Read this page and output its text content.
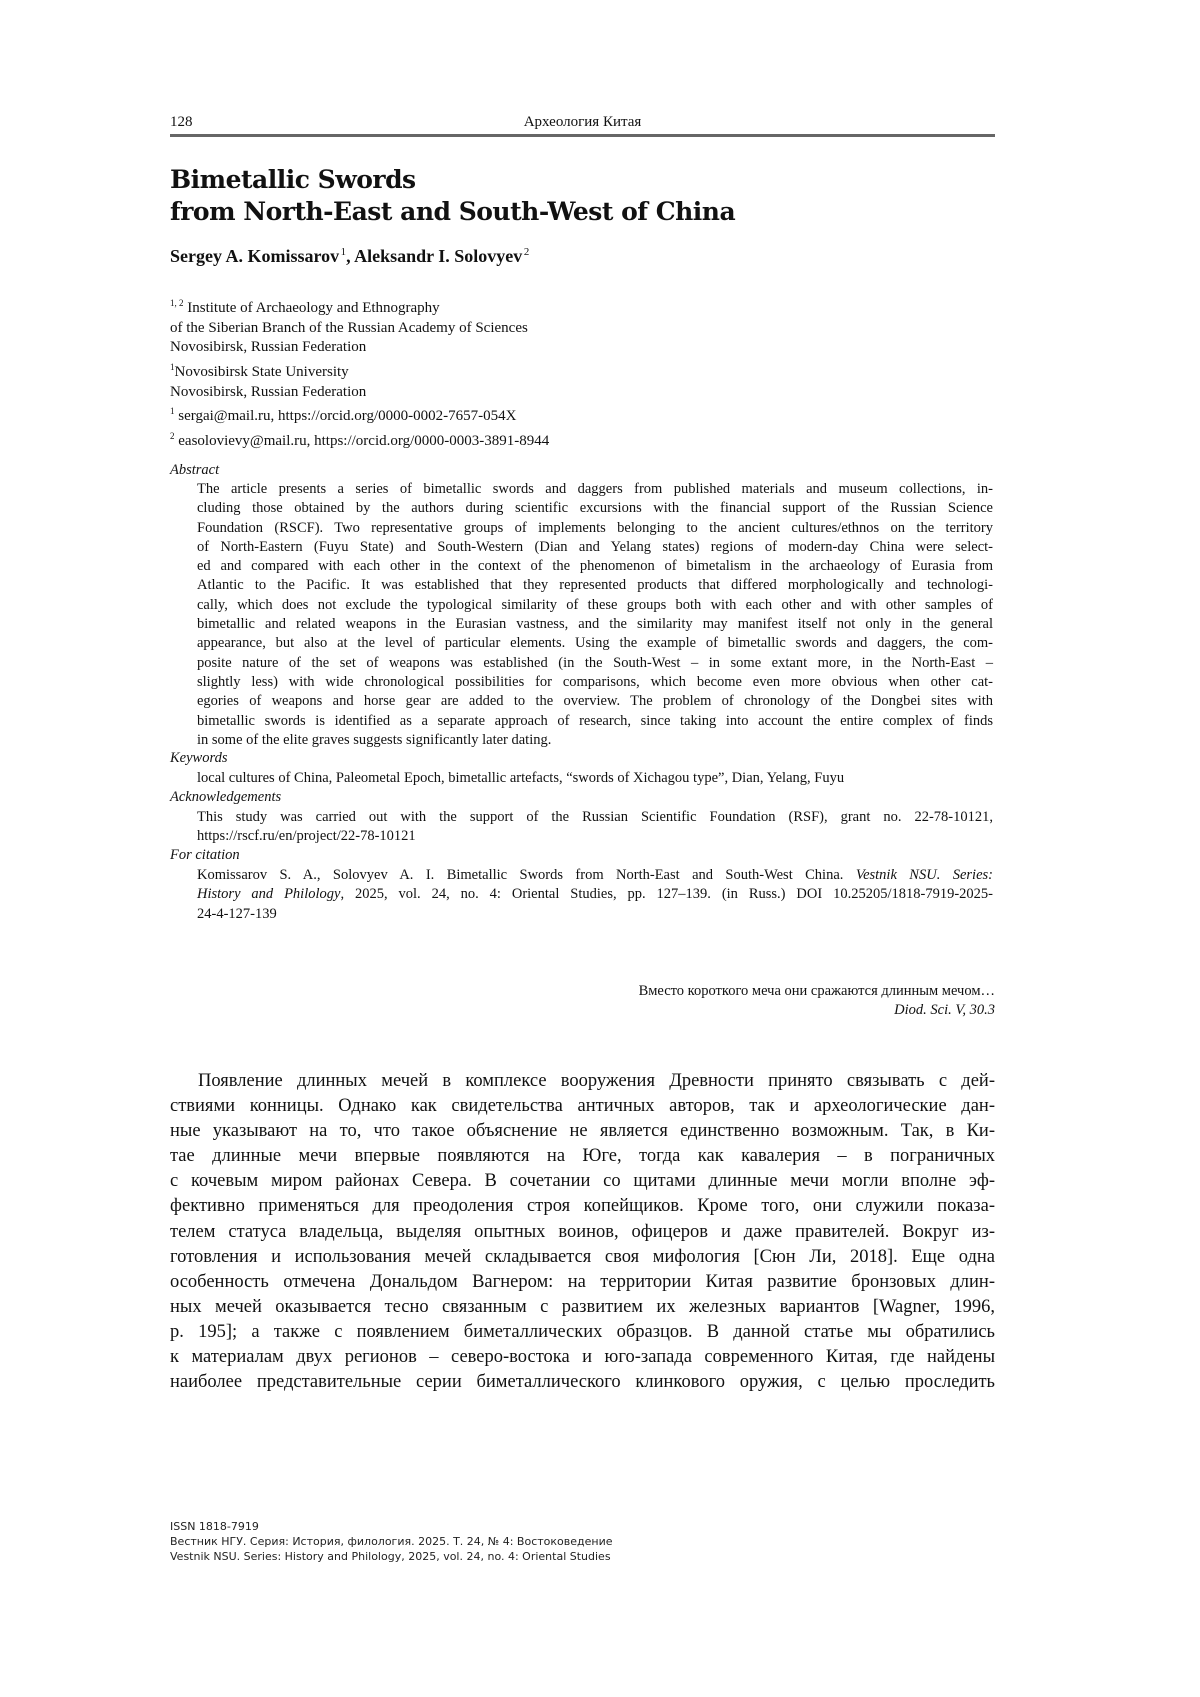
128	Археология Китая
Bimetallic Swords
from North-East and South-West of China
Sergey A. Komissarov  1, Aleksandr I. Solovyev  2
1, 2 Institute of Archaeology and Ethnography
of the Siberian Branch of the Russian Academy of Sciences
Novosibirsk, Russian Federation
1Novosibirsk State University
Novosibirsk, Russian Federation
1 sergai@mail.ru, https://orcid.org/0000-0002-7657-054X
2 easolovievy@mail.ru, https://orcid.org/0000-0003-3891-8944
Abstract
The article presents a series of bimetallic swords and daggers from published materials and museum collections, in-
cluding those obtained by the authors during scientific excursions with the financial support of the Russian Science
Foundation (RSCF). Two representative groups of implements belonging to the ancient cultures/ethnos on the territory
of North-Eastern (Fuyu State) and South-Western (Dian and Yelang states) regions of modern-day China were select-
ed and compared with each other in the context of the phenomenon of bimetalism in the archaeology of Eurasia from
Atlantic to the Pacific. It was established that they represented products that differed morphologically and technologi-
cally, which does not exclude the typological similarity of these groups both with each other and with other samples of
bimetallic and related weapons in the Eurasian vastness, and the similarity may manifest itself not only in the general
appearance, but also at the level of particular elements. Using the example of bimetallic swords and daggers, the com-
posite nature of the set of weapons was established (in the South-West – in some extant more, in the North-East –
slightly less) with wide chronological possibilities for comparisons, which become even more obvious when other cat-
egories of weapons and horse gear are added to the overview. The problem of chronology of the Dongbei sites with
bimetallic swords is identified as a separate approach of research, since taking into account the entire complex of finds
in some of the elite graves suggests significantly later dating.
Keywords
local cultures of China, Paleometal Epoch, bimetallic artefacts, “swords of Xichagou type”, Dian, Yelang, Fuyu
Acknowledgements
This study was carried out with the support of the Russian Scientific Foundation (RSF), grant no. 22-78-10121,
https://rscf.ru/en/project/22-78-10121
For citation
Komissarov S. A., Solovyev A. I. Bimetallic Swords from North-East and South-West China. Vestnik NSU. Series:
History and Philology, 2025, vol. 24, no. 4: Oriental Studies, pp. 127–139. (in Russ.) DOI 10.25205/1818-7919-2025-
24-4-127-139
Вместо короткого меча они сражаются длинным мечом…
Diod. Sci. V, 30.3
Появление длинных мечей в комплексе вооружения Древности принято связывать с дей-
ствиями конницы. Однако как свидетельства античных авторов, так и археологические дан-
ные указывают на то, что такое объяснение не является единственно возможным. Так, в Ки-
тае длинные мечи впервые появляются на Юге, тогда как кавалерия – в пограничных
с кочевым миром районах Севера. В сочетании со щитами длинные мечи могли вполне эф-
фективно применяться для преодоления строя копейщиков. Кроме того, они служили показа-
телем статуса владельца, выделяя опытных воинов, офицеров и даже правителей. Вокруг из-
готовления и использования мечей складывается своя мифология [Сюн Ли, 2018]. Еще одна
особенность отмечена Дональдом Вагнером: на территории Китая развитие бронзовых длин-
ных мечей оказывается тесно связанным с развитием их железных вариантов [Wagner, 1996,
p. 195]; а также с появлением биметаллических образцов. В данной статье мы обратились
к материалам двух регионов – северо-востока и юго-запада современного Китая, где найдены
наиболее представительные серии биметаллического клинкового оружия, с целью проследить
ISSN 1818-7919
Вестник НГУ. Серия: История, филология. 2025. Т. 24, № 4: Востоковедение
Vestnik NSU. Series: History and Philology, 2025, vol. 24, no. 4: Oriental Studies
